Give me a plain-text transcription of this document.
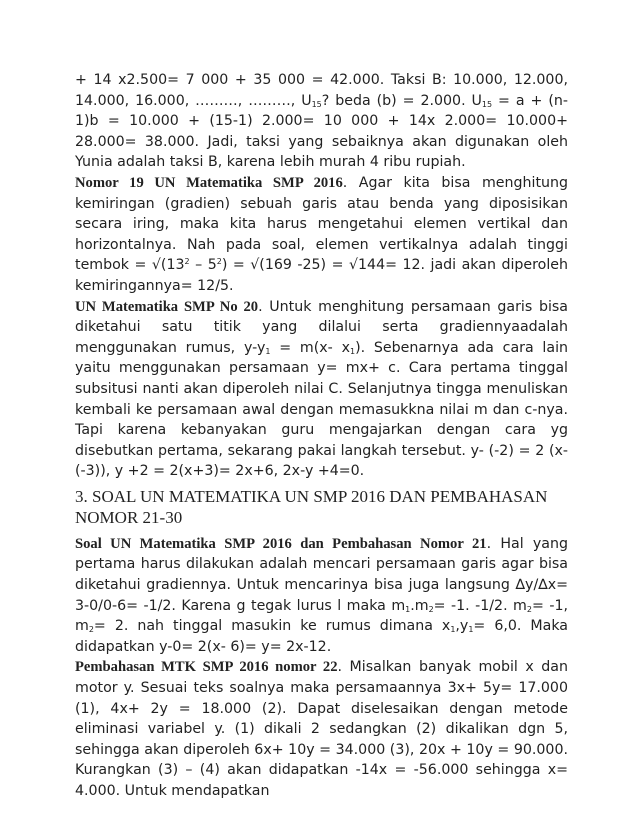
+ 14 x2.500= 7 000 + 35 000 = 42.000. Taksi B: 10.000, 12.000, 14.000, 16.000, ………, ………, $U_{15}$? beda (b) = 2.000. $U_{15} = a + (n-1)b = 10.000 + (15-1)$ 2.000= 10 000 + 14x 2.000= 10.000+ 28.000= 38.000. Jadi, taksi yang sebaiknya akan digunakan oleh Yunia adalah taksi B, karena lebih murah 4 ribu rupiah.

Nomor 19 UN Matematika SMP 2016. Agar kita bisa menghitung kemiringan (gradien) sebuah garis atau benda yang diposisikan secara iring, maka kita harus mengetahui elemen vertikal dan horizontalnya. Nah pada soal, elemen vertikalnya adalah tinggi tembok = $√(13^2 - 5^2) = √(169$ -25) = √144= 12. jadi akan diperoleh kemiringannya= 12/5.

UN Matematika SMP No 20. Untuk menghitung persamaan garis bisa diketahui satu titik yang dilalui serta gradiennyaadalah menggunakan rumus, $y-y_1 = m(x-$ $x_1$). Sebenarnya ada cara lain yaitu menggunakan persamaan y= mx+ c. Cara pertama tinggal subsitusi nanti akan diperoleh nilai C. Selanjutnya tingga menuliskan kembali ke persamaan awal dengan memasukkna nilai m dan c-nya. Tapi karena kebanyakan guru mengajarkan dengan cara yg disebutkan pertama, sekarang pakai langkah tersebut. y- (-2) = 2 (x- (-3)), y +2 = 2(x+3)= 2x+6, 2x-y +4=0.

3. SOAL UN MATEMATIKA UN SMP 2016 DAN PEMBAHASAN NOMOR 21-30

Soal UN Matematika SMP 2016 dan Pembahasan Nomor 21. Hal yang pertama harus dilakukan adalah mencari persamaan garis agar bisa diketahui gradiennya. Untuk mencarinya bisa juga langsung ∆y/∆x= 3-0/0-6= -1/2. Karena g tegak lurus l maka $m_1.m_2= -1$. -1/2. $m_2= -1$, $m_2= 2$. nah tinggal masukin ke rumus dimana $x_1,y_1= 6,0$. Maka didapatkan y-0= 2(x- 6)= y= 2x-12.

Pembahasan MTK SMP 2016 nomor 22. Misalkan banyak mobil x dan motor y. Sesuai teks soalnya maka persamaannya 3x+ 5y= 17.000 (1), 4x+ 2y = 18.000 (2). Dapat diselesaikan dengan metode eliminasi variabel y. (1) dikali 2 sedangkan (2) dikalikan dgn 5, sehingga akan diperoleh 6x+ 10y = 34.000 (3), 20x + 10y = 90.000. Kurangkan (3) – (4) akan didapatkan -14x = -56.000 sehingga x= 4.000. Untuk mendapatkan
